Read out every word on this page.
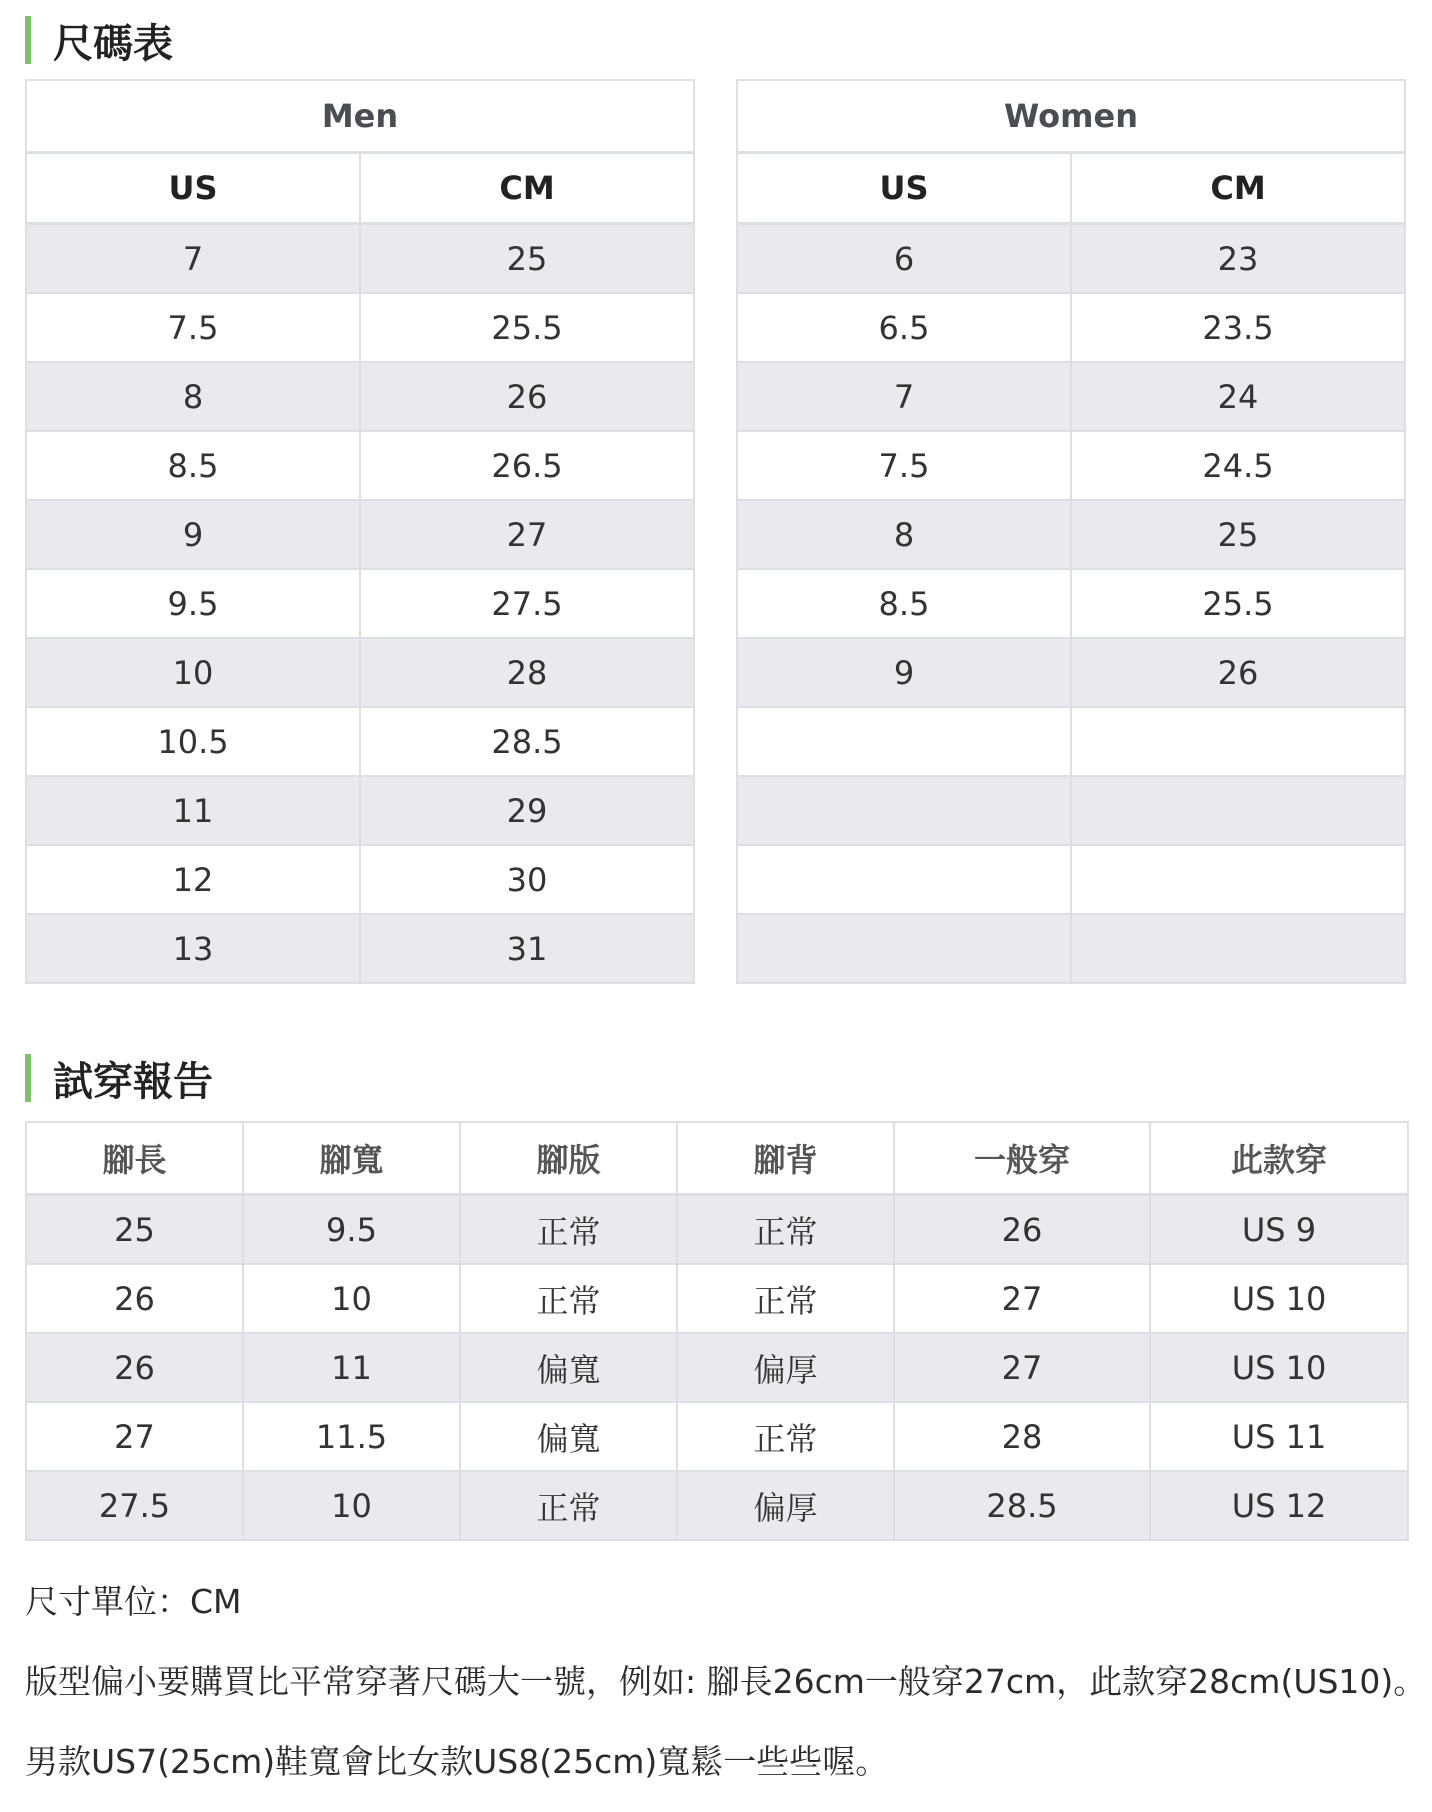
尺碼表
Men	
US	CM
7	25
7.5	25.5
8	26
8.5	26.5
9	27
9.5	27.5
10	28
10.5	28.5
11	29
12	30
13	31
Women	
US	CM
6	23
6.5	23.5
7	24
7.5	24.5
8	25
8.5	25.5
9	26

試穿報告
腳長	腳寬	腳版	腳背	一般穿	此款穿
25	9.5	正常	正常	26	US 9
26	10	正常	正常	27	US 10
26	11	偏寬	偏厚	27	US 10
27	11.5	偏寬	正常	28	US 11
27.5	10	正常	偏厚	28.5	US 12
尺寸單位：CM
版型偏小要購買比平常穿著尺碼大一號，例如: 腳長26cm一般穿27cm，此款穿28cm(US10)。
男款US7(25cm)鞋寬會比女款US8(25cm)寬鬆一些些喔。
